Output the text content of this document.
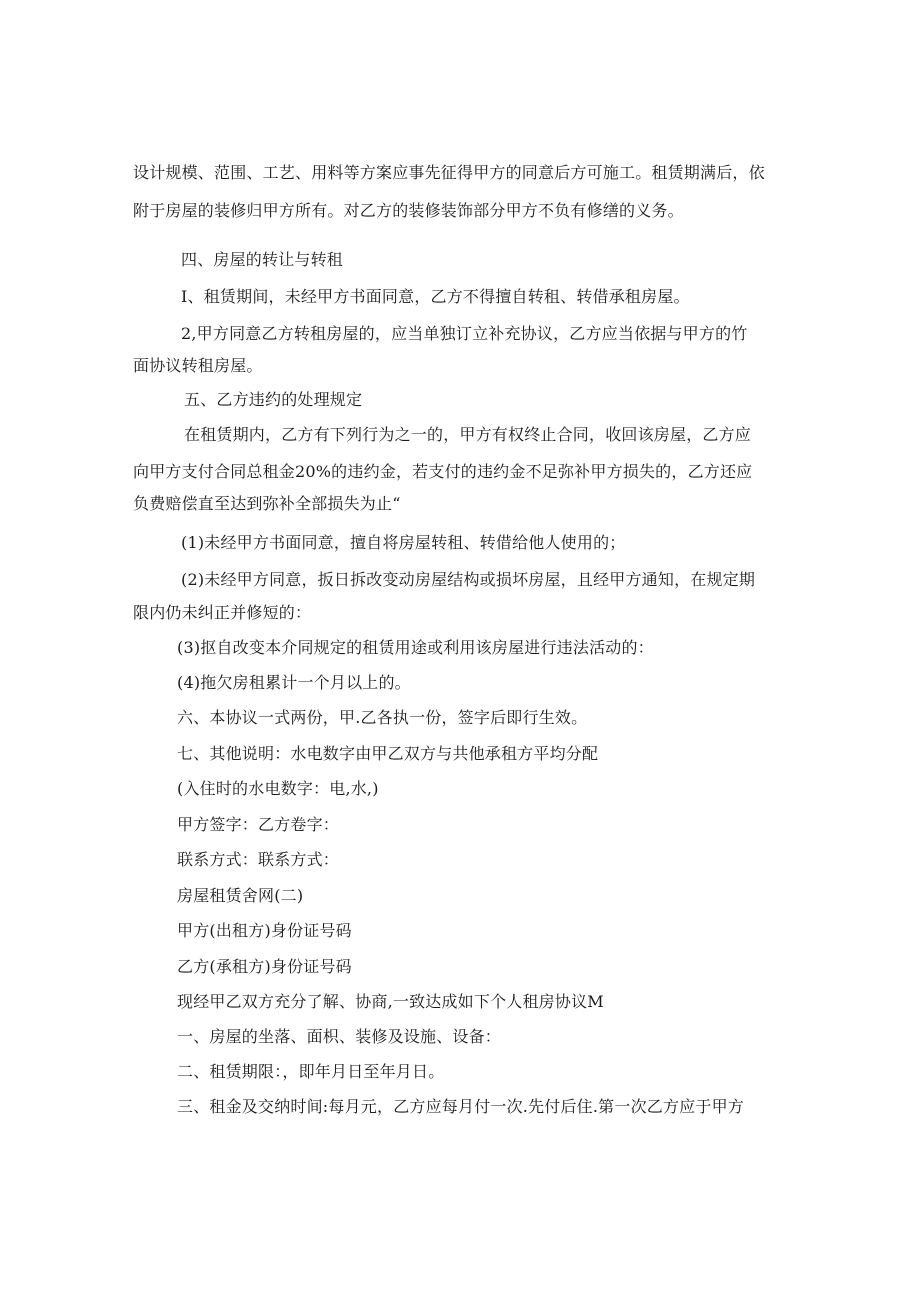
设计规模、范围、工艺、用料等方案应事先征得甲方的同意后方可施工。租赁期满后，依
附于房屋的装修归甲方所有。对乙方的装修装饰部分甲方不负有修缮的义务。
四、房屋的转让与转租
I、租赁期间，未经甲方书面同意，乙方不得擅自转租、转借承租房屋。
2,甲方同意乙方转租房屋的，应当单独订立补充协议，乙方应当依据与甲方的竹
面协议转租房屋。
五、乙方违约的处理规定
在租赁期内，乙方有下列行为之一的，甲方有权终止合同，收回该房屋，乙方应
向甲方支付合同总租金20%的违约金，若支付的违约金不足弥补甲方损失的，乙方还应
负费赔偿直至达到弥补全部损失为止“
(1)未经甲方书面同意，擅自将房屋转租、转借给他人使用的；
(2)未经甲方同意，扳日拆改变动房屋结构或损坏房屋，且经甲方通知，在规定期
限内仍未纠正并修短的：
(3)抠自改变本介同规定的租赁用途或利用该房屋进行违法活动的：
(4)拖欠房租累计一个月以上的。
六、本协议一式两份，甲.乙各执一份，签字后即行生效。
七、其他说明：水电数字由甲乙双方与共他承租方平均分配
(入住时的水电数字：电,水,)
甲方签字：乙方卷字：
联系方式：联系方式：
房屋租赁舍网(二)
甲方(出租方)身份证号码
乙方(承租方)身份证号码
现经甲乙双方充分了解、协商,一致达成如下个人租房协议M
一、房屋的坐落、面枳、装修及设施、设备：
二、租赁期限：，即年月日至年月日。
三、租金及交纳时间:每月元，乙方应每月付一次.先付后住.第一次乙方应于甲方
